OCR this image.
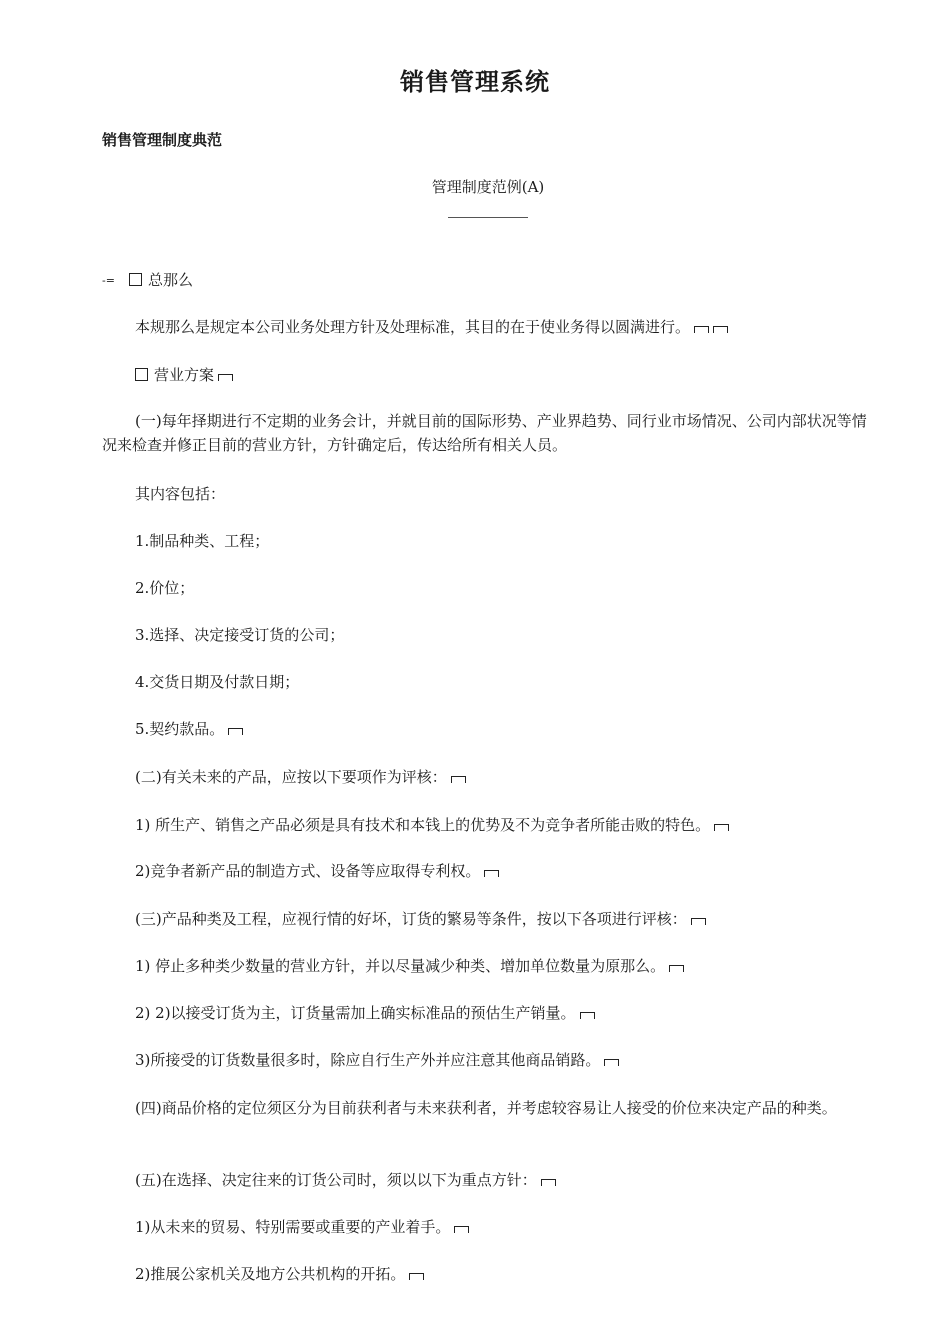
销售管理系统
销售管理制度典范
管理制度范例(A)
-= 总那么
本规那么是规定本公司业务处理方针及处理标准，其目的在于使业务得以圆满进行。
营业方案
(一)每年择期进行不定期的业务会计，并就目前的国际形势、产业界趋势、同行业市场情况、公司内部状况等情况来检查并修正目前的营业方针，方针确定后，传达给所有相关人员。
其内容包括：
1.制品种类、工程；
2.价位；
3.选择、决定接受订货的公司；
4.交货日期及付款日期；
5.契约款品。
(二)有关未来的产品，应按以下要项作为评核：
1) 所生产、销售之产品必须是具有技术和本钱上的优势及不为竞争者所能击败的特色。
2)竞争者新产品的制造方式、设备等应取得专利权。
(三)产品种类及工程，应视行情的好坏，订货的繁易等条件，按以下各项进行评核：
1) 停止多种类少数量的营业方针，并以尽量减少种类、增加单位数量为原那么。
2) 2)以接受订货为主，订货量需加上确实标准品的预估生产销量。
3)所接受的订货数量很多时，除应自行生产外并应注意其他商品销路。
(四)商品价格的定位须区分为目前获利者与未来获利者，并考虑较容易让人接受的价位来决定产品的种类。
(五)在选择、决定往来的订货公司时，须以以下为重点方针：
1)从未来的贸易、特别需要或重要的产业着手。
2)推展公家机关及地方公共机构的开拓。
